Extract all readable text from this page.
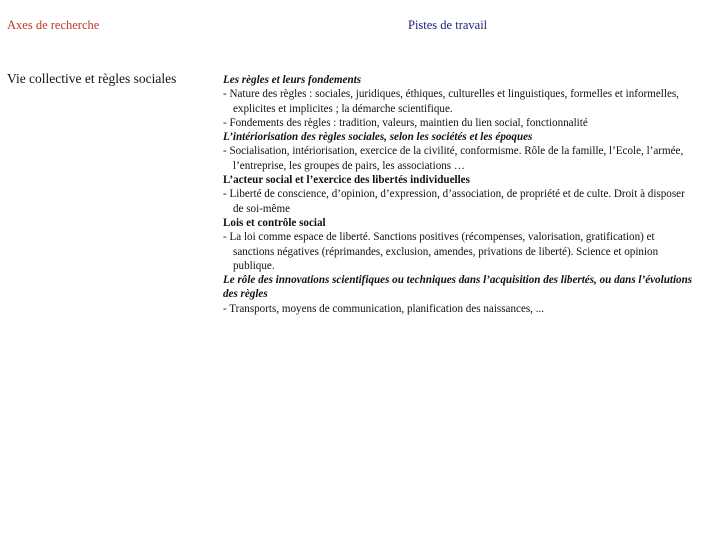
Axes de recherche	Pistes de travail
Vie collective et règles sociales	Les règles et leurs fondements
- Nature des règles : sociales, juridiques, éthiques, culturelles et linguistiques, formelles et informelles, explicites et implicites ; la démarche scientifique.
- Fondements des règles : tradition, valeurs, maintien du lien social, fonctionnalité
L’intériorisation des règles sociales, selon les sociétés et les époques
- Socialisation, intériorisation, exercice de la civilité, conformisme. Rôle de la famille, l’Ecole, l’armée, l’entreprise, les groupes de pairs, les associations …
L’acteur social et l’exercice des libertés individuelles
- Liberté de conscience, d’opinion, d’expression, d’association, de propriété et de culte. Droit à disposer de soi-même
Lois et contrôle social
- La loi comme espace de liberté. Sanctions positives (récompenses, valorisation, gratification) et sanctions négatives (réprimandes, exclusion, amendes, privations de liberté). Science et opinion publique.
Le rôle des innovations scientifiques ou techniques dans l’acquisition des libertés, ou dans l’évolutions des règles
- Transports, moyens de communication, planification des naissances, ...
